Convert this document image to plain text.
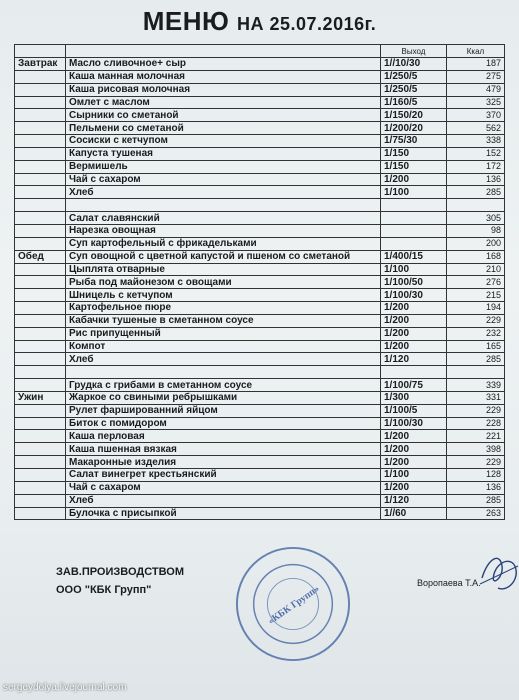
МЕНЮ НА 25.07.2016г.
		Выход	Ккал
Завтрак	Масло сливочное+ сыр	1//10/30	187
	Каша манная молочная	1/250/5	275
	Каша рисовая молочная	1/250/5	479
	Омлет с маслом	1/160/5	325
	Сырники со сметаной	1/150/20	370
	Пельмени со сметаной	1/200/20	562
	Сосиски с кетчупом	1/75/30	338
	Капуста тушеная	1/150	152
	Вермишель	1/150	172
	Чай с сахаром	1/200	136
	Хлеб	1/100	285

	Салат славянский		305
	Нарезка овощная		98
	Суп картофельный с фрикадельками		200
Обед	Суп овощной с цветной капустой и пшеном со сметаной	1/400/15	168
	Цыплята отварные	1/100	210
	Рыба под майонезом с овощами	1/100/50	276
	Шницель с кетчупом	1/100/30	215
	Картофельное пюре	1/200	194
	Кабачки тушеные в сметанном соусе	1/200	229
	Рис припущенный	1/200	232
	Компот	1/200	165
	Хлеб	1/120	285

	Грудка с грибами в сметанном соусе	1/100/75	339
Ужин	Жаркое со свиными ребрышками	1/300	331
	Рулет фаршированний яйцом	1/100/5	229
	Биток с помидором	1/100/30	228
	Каша перловая	1/200	221
	Каша пшенная вязкая	1/200	398
	Макаронные изделия	1/200	229
	Салат винегрет крестьянский	1/100	128
	Чай с сахаром	1/200	136
	Хлеб	1/120	285
	Булочка с присыпкой	1//60	263
ЗАВ.ПРОИЗВОДСТВОМ
ООО "КБК Групп"	«КБК Групп»
Воропаева Т.А.
sergeydolya.livejournal.com
